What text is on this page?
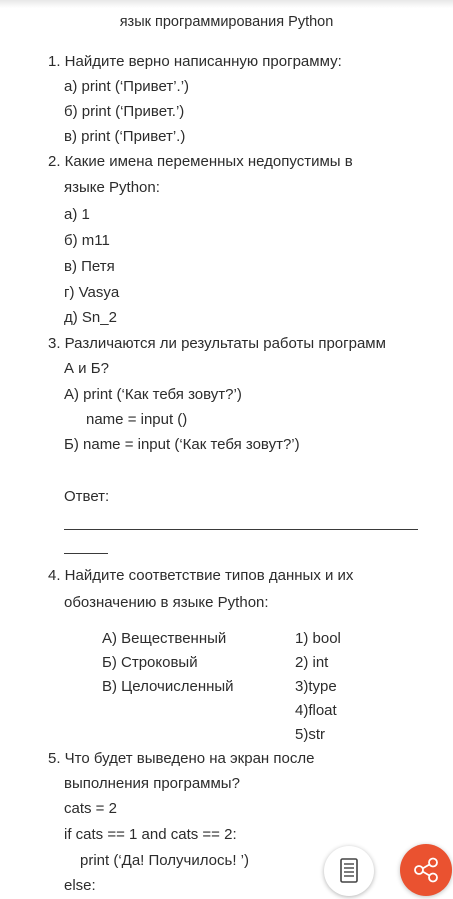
язык программирования Python
1. Найдите верно написанную программу:
а) print (‘Привет’.’)
б) print (‘Привет.’)
в) print (‘Привет’.)
2. Какие имена переменных недопустимы в
языке Python:
а) 1
б) m11
в) Петя
г) Vasya
д) Sn_2
3. Различаются ли результаты работы программ
А и Б?
А) print (‘Как тебя зовут?’)
name = input ()
Б) name = input (‘Как тебя зовут?’)
Ответ:
4. Найдите соответствие типов данных и их
обозначению в языке Python:
А) Вещественный
Б) Строковый
В) Целочисленный
1) bool
2) int
3)type
4)float
5)str
5. Что будет выведено на экран после
выполнения программы?
cats = 2
if cats == 1 and cats == 2:
print (‘Да! Получилось! ’)
else:
